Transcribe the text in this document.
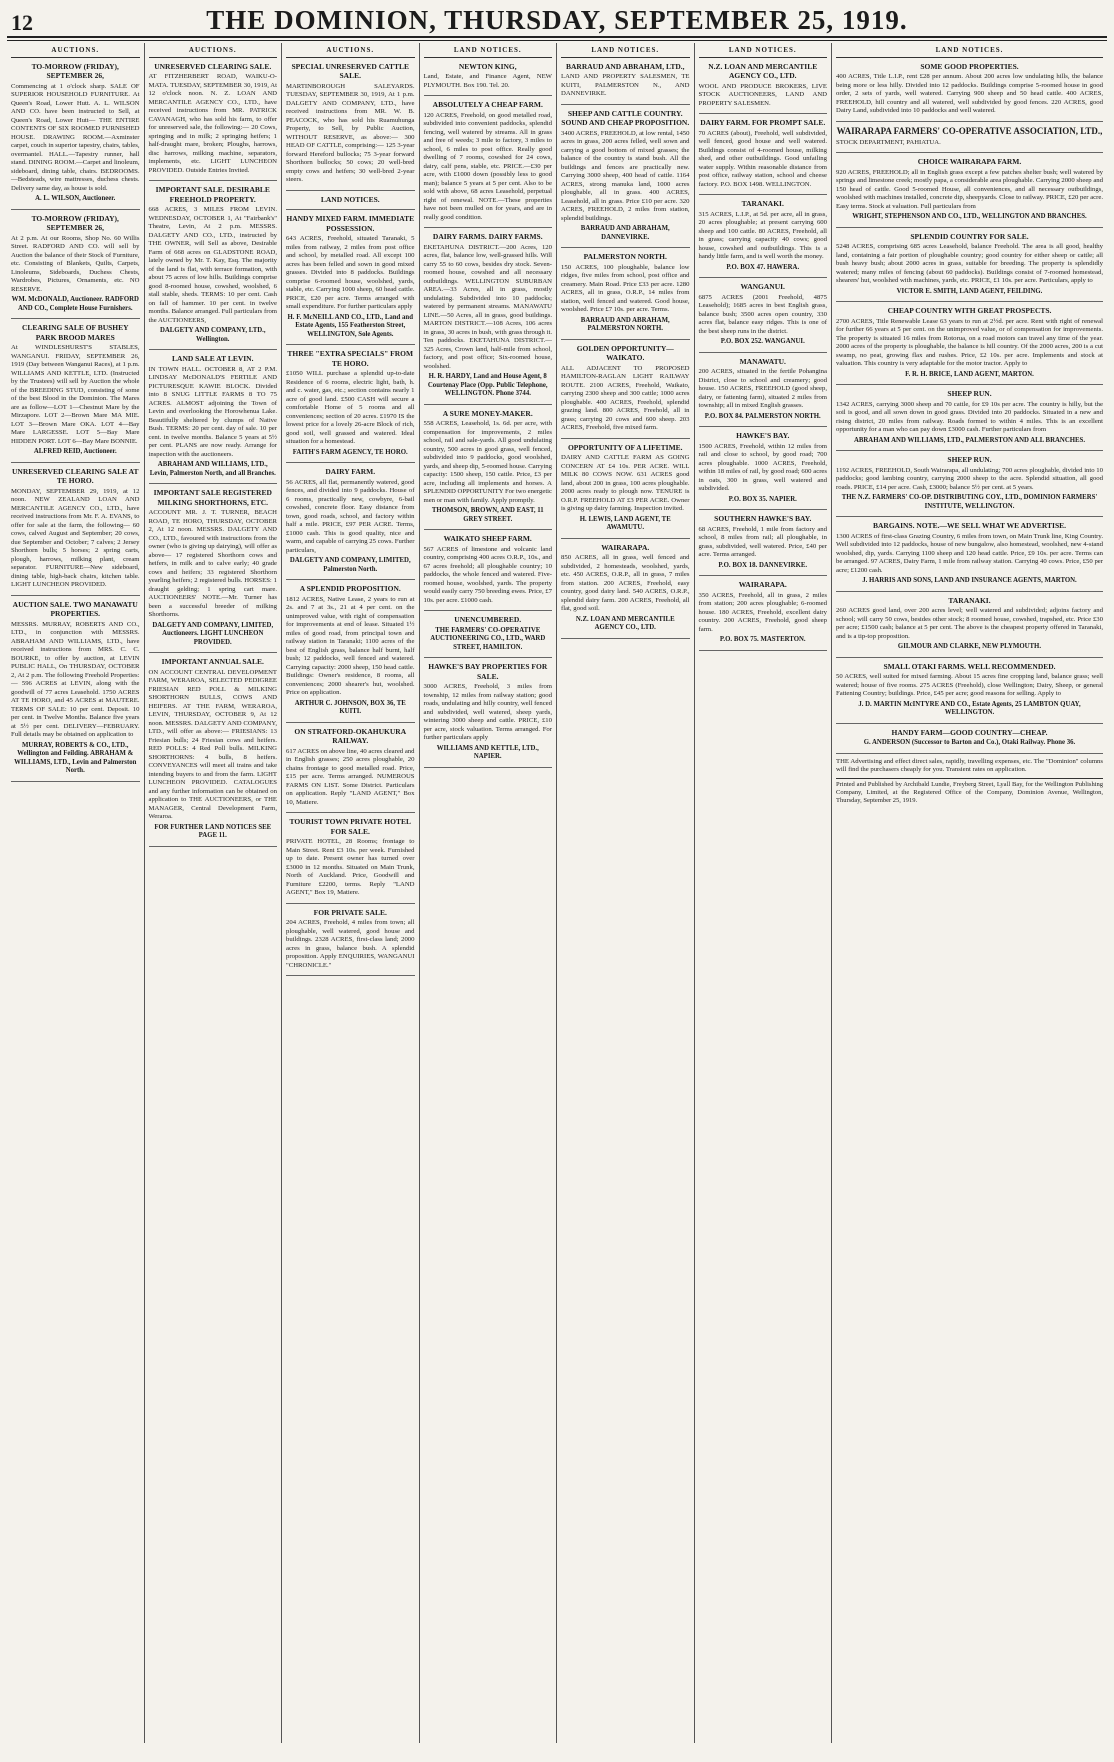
12	THE DOMINION, THURSDAY, SEPTEMBER 25, 1919.
AUCTIONS.
TO-MORROW (FRIDAY), SEPTEMBER 26,
Commencing at 1 o'clock sharp. SALE OF SUPERIOR HOUSEHOLD FURNITURE. At Queen's Road, Lower Hutt. A. L. WILSON AND CO. have been instructed to Sell, at Queen's Road, Lower Hutt— THE ENTIRE CONTENTS OF SIX ROOMED FURNISHED HOUSE. DRAWING ROOM.—Axminster carpet, couch in superior tapestry, chairs, tables, overmantel. HALL.—Tapestry runner, hall stand. DINING ROOM.—Carpet and linoleum, sideboard, dining table, chairs. BEDROOMS.—Bedsteads, wire mattresses, duchess chests. Delivery same day, as house is sold.
A. L. WILSON, Auctioneer.
TO-MORROW (FRIDAY), SEPTEMBER 26,
At 2 p.m. At our Rooms, Shop No. 60 Willis Street. RADFORD AND CO. will sell by Auction the balance of their Stock of Furniture, etc. Consisting of Blankets, Quilts, Carpets, Linoleums, Sideboards, Duchess Chests, Wardrobes, Pictures, Ornaments, etc. NO RESERVE.
WM. McDONALD, Auctioneer. RADFORD AND CO., Complete House Furnishers.
CLEARING SALE OF BUSHEY PARK BROOD MARES
At WINDLESHURST'S STABLES, WANGANUI. FRIDAY, SEPTEMBER 26, 1919 (Day between Wanganui Races), at 1 p.m. WILLIAMS AND KETTLE, LTD. (Instructed by the Trustees) will sell by Auction the whole of the BREEDING STUD, consisting of some of the best Blood in the Dominion. The Mares are as follow—LOT 1—Chestnut Mare by the Mirzapore. LOT 2—Brown Mare MA MIE. LOT 3—Brown Mare OKA. LOT 4—Bay Mare LARGESSE. LOT 5—Bay Mare HIDDEN PORT. LOT 6—Bay Mare BONNIE.
ALFRED REID, Auctioneer.
UNRESERVED CLEARING SALE AT TE HORO.
MONDAY, SEPTEMBER 29, 1919, at 12 noon. NEW ZEALAND LOAN AND MERCANTILE AGENCY CO., LTD., have received instructions from Mr. F. A. EVANS, to offer for sale at the farm, the following— 60 cows, calved August and September; 20 cows, due September and October; 7 calves; 2 Jersey Shorthorn bulls; 5 horses; 2 spring carts, plough, harrows, milking plant, cream separator. FURNITURE—New sideboard, dining table, high-back chairs, kitchen table. LIGHT LUNCHEON PROVIDED.
AUCTION SALE. TWO MANAWATU PROPERTIES.
MESSRS. MURRAY, ROBERTS AND CO., LTD., in conjunction with MESSRS. ABRAHAM AND WILLIAMS, LTD., have received instructions from MRS. C. C. BOURKE, to offer by auction, at LEVIN PUBLIC HALL, On THURSDAY, OCTOBER 2, At 2 p.m. The following Freehold Properties:— 596 ACRES at LEVIN, along with the goodwill of 77 acres Leasehold. 1750 ACRES AT TE HORO, and 45 ACRES at MAUTERE. TERMS OF SALE: 10 per cent. Deposit. 10 per cent. in Twelve Months. Balance five years at 5½ per cent. DELIVERY—FEBRUARY. Full details may be obtained on application to
MURRAY, ROBERTS & CO., LTD., Wellington and Feilding. ABRAHAM & WILLIAMS, LTD., Levin and Palmerston North.
AUCTIONS.
UNRESERVED CLEARING SALE.
AT FITZHERBERT ROAD, WAIKU-O-MATA. TUESDAY, SEPTEMBER 30, 1919, At 12 o'clock noon. N. Z. LOAN AND MERCANTILE AGENCY CO., LTD., have received instructions from MR. PATRICK CAVANAGH, who has sold his farm, to offer for unreserved sale, the following:— 20 Cows, springing and in milk; 2 springing heifers; 1 half-draught mare, broken; Ploughs, harrows, disc harrows, milking machine, separators, implements, etc. LIGHT LUNCHEON PROVIDED. Outside Entries Invited.
IMPORTANT SALE. DESIRABLE FREEHOLD PROPERTY.
668 ACRES, 3 MILES FROM LEVIN. WEDNESDAY, OCTOBER 1, At "Fairbank's" Theatre, Levin, At 2 p.m. MESSRS. DALGETY AND CO., LTD., instructed by THE OWNER, will Sell as above, Desirable Farm of 668 acres on GLADSTONE ROAD, lately owned by Mr. T. Kay, Esq. The majority of the land is flat, with terrace formation, with about 75 acres of low hills. Buildings comprise good 8-roomed house, cowshed, woolshed, 6 stall stable, sheds. TERMS: 10 per cent. Cash on fall of hammer. 10 per cent. in twelve months. Balance arranged. Full particulars from the AUCTIONEERS,
DALGETY AND COMPANY, LTD., Wellington.
LAND SALE AT LEVIN.
IN TOWN HALL. OCTOBER 8, AT 2 P.M. LINDSAY McDONALD'S FERTILE AND PICTURESQUE KAWIE BLOCK. Divided into 8 SNUG LITTLE FARMS 8 TO 75 ACRES. ALMOST adjoining the Town of Levin and overlooking the Horowhenua Lake. Beautifully sheltered by clumps of Native Bush. TERMS: 20 per cent. day of sale. 10 per cent. in twelve months. Balance 5 years at 5½ per cent. PLANS are now ready. Arrange for inspection with the auctioneers.
ABRAHAM AND WILLIAMS, LTD., Levin, Palmerston North, and all Branches.
IMPORTANT SALE REGISTERED MILKING SHORTHORNS, ETC.
ACCOUNT MR. J. T. TURNER, BEACH ROAD, TE HORO, THURSDAY, OCTOBER 2, At 12 noon. MESSRS. DALGETY AND CO., LTD., favoured with instructions from the owner (who is giving up dairying), will offer as above— 17 registered Shorthorn cows and heifers, in milk and to calve early; 40 grade cows and heifers; 33 registered Shorthorn yearling heifers; 2 registered bulls. HORSES: 1 draught gelding; 1 spring cart mare. AUCTIONEERS' NOTE.—Mr. Turner has been a successful breeder of milking Shorthorns.
DALGETY AND COMPANY, LIMITED, Auctioneers. LIGHT LUNCHEON PROVIDED.
IMPORTANT ANNUAL SALE.
ON ACCOUNT CENTRAL DEVELOPMENT FARM, WERAROA, SELECTED PEDIGREE FRIESIAN RED POLL & MILKING SHORTHORN BULLS, COWS AND HEIFERS. AT THE FARM, WERAROA, LEVIN, THURSDAY, OCTOBER 9, At 12 noon. MESSRS. DALGETY AND COMPANY, LTD., will offer as above:— FRIESIANS: 13 Friesian bulls; 24 Friesian cows and heifers. RED POLLS: 4 Red Poll bulls. MILKING SHORTHORNS: 4 bulls, 8 heifers. CONVEYANCES will meet all trains and take intending buyers to and from the farm. LIGHT LUNCHEON PROVIDED. CATALOGUES and any further information can be obtained on application to THE AUCTIONEERS, or THE MANAGER, Central Development Farm, Weraroa.
FOR FURTHER LAND NOTICES SEE PAGE 11.
AUCTIONS.
SPECIAL UNRESERVED CATTLE SALE.
MARTINBOROUGH SALEYARDS. TUESDAY, SEPTEMBER 30, 1919, At 1 p.m. DALGETY AND COMPANY, LTD., have received instructions from MR. W. B. PEACOCK, who has sold his Ruamuhunga Property, to Sell, by Public Auction, WITHOUT RESERVE, as above:— 300 HEAD OF CATTLE, comprising:— 125 3-year forward Hereford bullocks; 75 3-year forward Shorthorn bullocks; 50 cows; 20 well-bred empty cows and heifers; 30 well-bred 2-year steers.
LAND NOTICES.
HANDY MIXED FARM. IMMEDIATE POSSESSION.
643 ACRES, Freehold, situated Taranaki, 5 miles from railway, 2 miles from post office and school, by metalled road. All except 100 acres has been felled and sown in good mixed grasses. Divided into 8 paddocks. Buildings comprise 6-roomed house, woolshed, yards, stable, etc. Carrying 1000 sheep, 60 head cattle. PRICE, £20 per acre. Terms arranged with small expenditure. For further particulars apply
H. F. McNEILL AND CO., LTD., Land and Estate Agents, 155 Featherston Street, WELLINGTON, Sole Agents.
THREE "EXTRA SPECIALS" FROM TE HORO.
£1050 WILL purchase a splendid up-to-date Residence of 6 rooms, electric light, bath, h. and c. water, gas, etc.; section contains nearly 1 acre of good land. £500 CASH will secure a comfortable Home of 5 rooms and all conveniences; section of 20 acres. £1970 IS the lowest price for a lovely 26-acre Block of rich, good soil, well grassed and watered. Ideal situation for a homestead.
FAITH'S FARM AGENCY, TE HORO.
DAIRY FARM.
56 ACRES, all flat, permanently watered, good fences, and divided into 9 paddocks. House of 6 rooms, practically new, cowbyre, 6-bail cowshed, concrete floor. Easy distance from town, good roads, school, and factory within half a mile. PRICE, £97 PER ACRE. Terms, £1000 cash. This is good quality, nice and warm, and capable of carrying 25 cows. Further particulars,
DALGETY AND COMPANY, LIMITED, Palmerston North.
A SPLENDID PROPOSITION.
1812 ACRES, Native Lease, 2 years to run at 2s. and 7 at 3s., 21 at 4 per cent. on the unimproved value, with right of compensation for improvements at end of lease. Situated 1½ miles of good road, from principal town and railway station in Taranaki; 1100 acres of the best of English grass, balance half burnt, half bush; 12 paddocks, well fenced and watered. Carrying capacity: 2000 sheep, 150 head cattle. Buildings: Owner's residence, 8 rooms, all conveniences; 2000 shearer's hut, woolshed. Price on application.
ARTHUR C. JOHNSON, BOX 36, TE KUITI.
ON STRATFORD-OKAHUKURA RAILWAY.
617 ACRES on above line, 40 acres cleared and in English grasses; 250 acres ploughable, 20 chains frontage to good metalled road. Price, £15 per acre. Terms arranged. NUMEROUS FARMS ON LIST. Some District. Particulars on application. Reply "LAND AGENT," Box 10, Matiere.
TOURIST TOWN PRIVATE HOTEL FOR SALE.
PRIVATE HOTEL, 28 Rooms; frontage to Main Street. Rent £3 10s. per week. Furnished up to date. Present owner has turned over £3000 in 12 months. Situated on Main Trunk, North of Auckland. Price, Goodwill and Furniture £2200, terms. Reply "LAND AGENT," Box 19, Matiere.
FOR PRIVATE SALE.
204 ACRES, Freehold, 4 miles from town; all ploughable, well watered, good house and buildings. 2328 ACRES, first-class land; 2000 acres in grass, balance bush. A splendid proposition. Apply ENQUIRIES, WANGANUI "CHRONICLE."
LAND NOTICES.
NEWTON KING,
Land, Estate, and Finance Agent, NEW PLYMOUTH. Box 190. Tel. 20.
ABSOLUTELY A CHEAP FARM.
120 ACRES, Freehold, on good metalled road, subdivided into convenient paddocks, splendid fencing, well watered by streams. All in grass and free of weeds; 3 mile to factory, 3 miles to school, 6 miles to post office. Really good dwelling of 7 rooms, cowshed for 24 cows, dairy, calf pens, stable, etc. PRICE.—£30 per acre, with £1000 down (possibly less to good man); balance 5 years at 5 per cent. Also to be sold with above, 68 acres Leasehold, perpetual right of renewal. NOTE.—These properties have not been mulled on for years, and are in really good condition.
DAIRY FARMS. DAIRY FARMS.
EKETAHUNA DISTRICT.—200 Acres, 120 acres, flat, balance low, well-grassed hills. Will carry 55 to 60 cows, besides dry stock. Seven-roomed house, cowshed and all necessary outbuildings. WELLINGTON SUBURBAN AREA.—33 Acres, all in grass, mostly undulating. Subdivided into 10 paddocks; watered by permanent streams. MANAWATU LINE.—50 Acres, all in grass, good buildings. MARTON DISTRICT.—108 Acres, 106 acres in grass, 30 acres in bush, with grass through it. Ten paddocks. EKETAHUNA DISTRICT.—325 Acres, Crown land, half-mile from school, factory, and post office; Six-roomed house, woolshed.
H. R. HARDY, Land and House Agent, 8 Courtenay Place (Opp. Public Telephone, WELLINGTON. Phone 3744.
A SURE MONEY-MAKER.
558 ACRES, Leasehold, 1s. 6d. per acre, with compensation for improvements, 2 miles school, rail and sale-yards. All good undulating country, 500 acres in good grass, well fenced, subdivided into 9 paddocks, good woolshed, yards, and sheep dip, 5-roomed house. Carrying capacity: 1500 sheep, 150 cattle. Price, £3 per acre, including all implements and horses. A SPLENDID OPPORTUNITY For two energetic men or man with family. Apply promptly.
THOMSON, BROWN, AND EAST, 11 GREY STREET.
WAIKATO SHEEP FARM.
567 ACRES of limestone and volcanic land country, comprising 400 acres O.R.P., 10s., and 67 acres freehold; all ploughable country; 10 paddocks, the whole fenced and watered. Five-roomed house, woolshed, yards. The property would easily carry 750 breeding ewes. Price, £7 10s. per acre. £1000 cash.
UNENCUMBERED.
THE FARMERS' CO-OPERATIVE AUCTIONEERING CO., LTD., WARD STREET, HAMILTON.
HAWKE'S BAY PROPERTIES FOR SALE.
3000 ACRES, Freehold, 3 miles from township, 12 miles from railway station; good roads, undulating and hilly country, well fenced and subdivided, well watered, sheep yards, wintering 3000 sheep and cattle. PRICE, £10 per acre, stock valuation. Terms arranged. For further particulars apply
WILLIAMS AND KETTLE, LTD., NAPIER.
LAND NOTICES.
BARRAUD AND ABRAHAM, LTD.,
LAND AND PROPERTY SALESMEN, TE KUITI, PALMERSTON N., AND DANNEVIRKE.
SHEEP AND CATTLE COUNTRY. SOUND AND CHEAP PROPOSITION.
3400 ACRES, FREEHOLD, at low rental, 1450 acres in grass, 200 acres felled, well sown and carrying a good bottom of mixed grasses; the balance of the country is stand bush. All the buildings and fences are practically new. Carrying 3000 sheep, 400 head of cattle. 1164 ACRES, strong manuka land, 1000 acres ploughable, all in grass. 400 ACRES, Leasehold, all in grass. Price £10 per acre. 320 ACRES, FREEHOLD, 2 miles from station, splendid buildings.
BARRAUD AND ABRAHAM, DANNEVIRKE.
PALMERSTON NORTH.
150 ACRES, 100 ploughable, balance low ridges, five miles from school, post office and creamery. Main Road. Price £33 per acre. 1280 ACRES, all in grass, O.R.P., 14 miles from station, well fenced and watered. Good house, woolshed. Price £7 10s. per acre. Terms.
BARRAUD AND ABRAHAM, PALMERSTON NORTH.
GOLDEN OPPORTUNITY—WAIKATO.
ALL ADJACENT TO PROPOSED HAMILTON-RAGLAN LIGHT RAILWAY ROUTE. 2100 ACRES, Freehold, Waikato, carrying 2300 sheep and 300 cattle; 1000 acres ploughable. 400 ACRES, Freehold, splendid grazing land. 800 ACRES, Freehold, all in grass; carrying 20 cows and 600 sheep. 203 ACRES, Freehold, five mixed farm.
OPPORTUNITY OF A LIFETIME.
DAIRY AND CATTLE FARM AS GOING CONCERN AT £4 10s. PER ACRE. WILL MILK 80 COWS NOW. 631 ACRES good land, about 200 in grass, 100 acres ploughable. 2000 acres ready to plough now. TENURE is O.R.P. FREEHOLD AT £3 PER ACRE. Owner is giving up dairy farming. Inspection invited.
H. LEWIS, LAND AGENT, TE AWAMUTU.
WAIRARAPA.
850 ACRES, all in grass, well fenced and subdivided, 2 homesteads, woolshed, yards, etc. 450 ACRES, O.R.P., all in grass, 7 miles from station. 200 ACRES, Freehold, easy country, good dairy land. 540 ACRES, O.R.P., splendid dairy farm. 200 ACRES, Freehold, all flat, good soil.
N.Z. LOAN AND MERCANTILE AGENCY CO., LTD.
LAND NOTICES.
N.Z. LOAN AND MERCANTILE AGENCY CO., LTD.
WOOL AND PRODUCE BROKERS, LIVE STOCK AUCTIONEERS, LAND AND PROPERTY SALESMEN.
DAIRY FARM. FOR PROMPT SALE.
70 ACRES (about), Freehold, well subdivided, well fenced, good house and well watered. Buildings consist of 4-roomed house, milking shed, and other outbuildings. Good unfailing water supply. Within reasonable distance from post office, railway station, school and cheese factory. P.O. BOX 1498. WELLINGTON.
TARANAKI.
315 ACRES, L.I.P., at 5d. per acre, all in grass, 20 acres ploughable; at present carrying 600 sheep and 100 cattle. 80 ACRES, Freehold, all in grass; carrying capacity 40 cows; good house, cowshed and outbuildings. This is a handy little farm, and is well worth the money.
P.O. BOX 47. HAWERA.
WANGANUI.
6875 ACRES (2001 Freehold, 4875 Leasehold); 1685 acres in best English grass, balance bush; 3500 acres open country, 330 acres flat, balance easy ridges. This is one of the best sheep runs in the district.
P.O. BOX 252. WANGANUI.
MANAWATU.
200 ACRES, situated in the fertile Pohangina District, close to school and creamery; good house. 150 ACRES, FREEHOLD (good sheep, dairy, or fattening farm), situated 2 miles from township; all in mixed English grasses.
P.O. BOX 84. PALMERSTON NORTH.
HAWKE'S BAY.
1500 ACRES, Freehold, within 12 miles from rail and close to school, by good road; 700 acres ploughable. 1000 ACRES, Freehold, within 18 miles of rail, by good road; 600 acres in oats, 300 in grass, well watered and subdivided.
P.O. BOX 35. NAPIER.
SOUTHERN HAWKE'S BAY.
68 ACRES, Freehold, 1 mile from factory and school, 8 miles from rail; all ploughable, in grass, subdivided, well watered. Price, £40 per acre. Terms arranged.
P.O. BOX 18. DANNEVIRKE.
WAIRARAPA.
350 ACRES, Freehold, all in grass, 2 miles from station; 200 acres ploughable; 6-roomed house. 180 ACRES, Freehold, excellent dairy country. 200 ACRES, Freehold, good sheep farm.
P.O. BOX 75. MASTERTON.
LAND NOTICES.
SOME GOOD PROPERTIES.
400 ACRES, Title L.I.P., rent £28 per annum. About 200 acres low undulating hills, the balance being more or less hilly. Divided into 12 paddocks. Buildings comprise 5-roomed house in good order, 2 sets of yards, well watered. Carrying 900 sheep and 50 head cattle. 400 ACRES, FREEHOLD, hill country and all watered, well subdivided by good fences. 220 ACRES, good Dairy Land, subdivided into 10 paddocks and well watered.
WAIRARAPA FARMERS' CO-OPERATIVE ASSOCIATION, LTD.,
STOCK DEPARTMENT, PAHIATUA.
CHOICE WAIRARAPA FARM.
920 ACRES, FREEHOLD; all in English grass except a few patches shelter bush; well watered by springs and limestone creek; mostly papa, a considerable area ploughable. Carrying 2000 sheep and 150 head of cattle. Good 5-roomed House, all conveniences, and all necessary outbuildings, woolshed with machines installed, concrete dip, sheepyards. Close to railway. PRICE, £20 per acre. Easy terms. Stock at valuation. Full particulars from
WRIGHT, STEPHENSON AND CO., LTD., WELLINGTON AND BRANCHES.
SPLENDID COUNTRY FOR SALE.
5248 ACRES, comprising 685 acres Leasehold, balance Freehold. The area is all good, healthy land, containing a fair portion of ploughable country; good country for either sheep or cattle; all bush heavy bush; about 2000 acres in grass, suitable for breeding. The property is splendidly watered; many miles of fencing (about 60 paddocks). Buildings consist of 7-roomed homestead, shearers' hut, woolshed with machines, yards, etc. PRICE, £1 10s. per acre. Particulars, apply to
VICTOR E. SMITH, LAND AGENT, FEILDING.
CHEAP COUNTRY WITH GREAT PROSPECTS.
2700 ACRES, Title Renewable Lease 63 years to run at 2½d. per acre. Rent with right of renewal for further 66 years at 5 per cent. on the unimproved value, or of compensation for improvements. The property is situated 16 miles from Rotorua, on a road motors can travel any time of the year. 2000 acres of the property is ploughable, the balance is hill country. Of the 2000 acres, 200 is a cut swamp, no peat, growing flax and rushes. Price, £2 10s. per acre. Implements and stock at valuation. This country is very adaptable for the motor tractor. Apply to
F. R. H. BRICE, LAND AGENT, MARTON.
SHEEP RUN.
1342 ACRES, carrying 3000 sheep and 70 cattle, for £9 10s per acre. The country is hilly, but the soil is good, and all sown down in good grass. Divided into 20 paddocks. Situated in a new and rising district, 20 miles from railway. Roads formed to within 4 miles. This is an excellent opportunity for a man who can pay down £3000 cash. Further particulars from
ABRAHAM AND WILLIAMS, LTD., PALMERSTON AND ALL BRANCHES.
SHEEP RUN.
1192 ACRES, FREEHOLD, South Wairarapa, all undulating; 700 acres ploughable, divided into 10 paddocks; good lambing country, carrying 2000 sheep to the acre. Splendid situation, all good roads. PRICE, £14 per acre. Cash, £3000; balance 5½ per cent. at 5 years.
THE N.Z. FARMERS' CO-OP. DISTRIBUTING COY., LTD., DOMINION FARMERS' INSTITUTE, WELLINGTON.
BARGAINS. NOTE.—WE SELL WHAT WE ADVERTISE.
1300 ACRES of first-class Grazing Country, 6 miles from town, on Main Trunk line, King Country. Well subdivided into 12 paddocks, house of new bungalow, also homestead, woolshed, new 4-stand woolshed, dip, yards. Carrying 1100 sheep and 120 head cattle. Price, £9 10s. per acre. Terms can be arranged. 97 ACRES, Dairy Farm, 1 mile from railway station. Carrying 40 cows. Price, £50 per acre; £1200 cash.
J. HARRIS AND SONS, LAND AND INSURANCE AGENTS, MARTON.
TARANAKI.
260 ACRES good land, over 200 acres level; well watered and subdivided; adjoins factory and school; will carry 50 cows, besides other stock; 8 roomed house, cowshed, trapshed, etc. Price £30 per acre; £1500 cash; balance at 5 per cent. The above is the cheapest property offered in Taranaki, and is a tip-top proposition.
GILMOUR AND CLARKE, NEW PLYMOUTH.
SMALL OTAKI FARMS. WELL RECOMMENDED.
50 ACRES, well suited for mixed farming. About 15 acres fine cropping land, balance grass; well watered; house of five rooms. 275 ACRES (Freehold), close Wellington; Dairy, Sheep, or general Fattening Country; buildings. Price, £45 per acre; good reasons for selling. Apply to
J. D. MARTIN McINTYRE AND CO., Estate Agents, 25 LAMBTON QUAY, WELLINGTON.
HANDY FARM—GOOD COUNTRY—CHEAP.
G. ANDERSON (Successor to Barton and Co.), Otaki Railway. Phone 36.
THE Advertising and effect direct sales, rapidly, travelling expenses, etc. The "Dominion" columns will find the purchasers cheaply for you. Transient rates on application.
Printed and Published by Archibald Lundie, Freyberg Street, Lyall Bay, for the Wellington Publishing Company, Limited, at the Registered Office of the Company, Dominion Avenue, Wellington, Thursday, September 25, 1919.
